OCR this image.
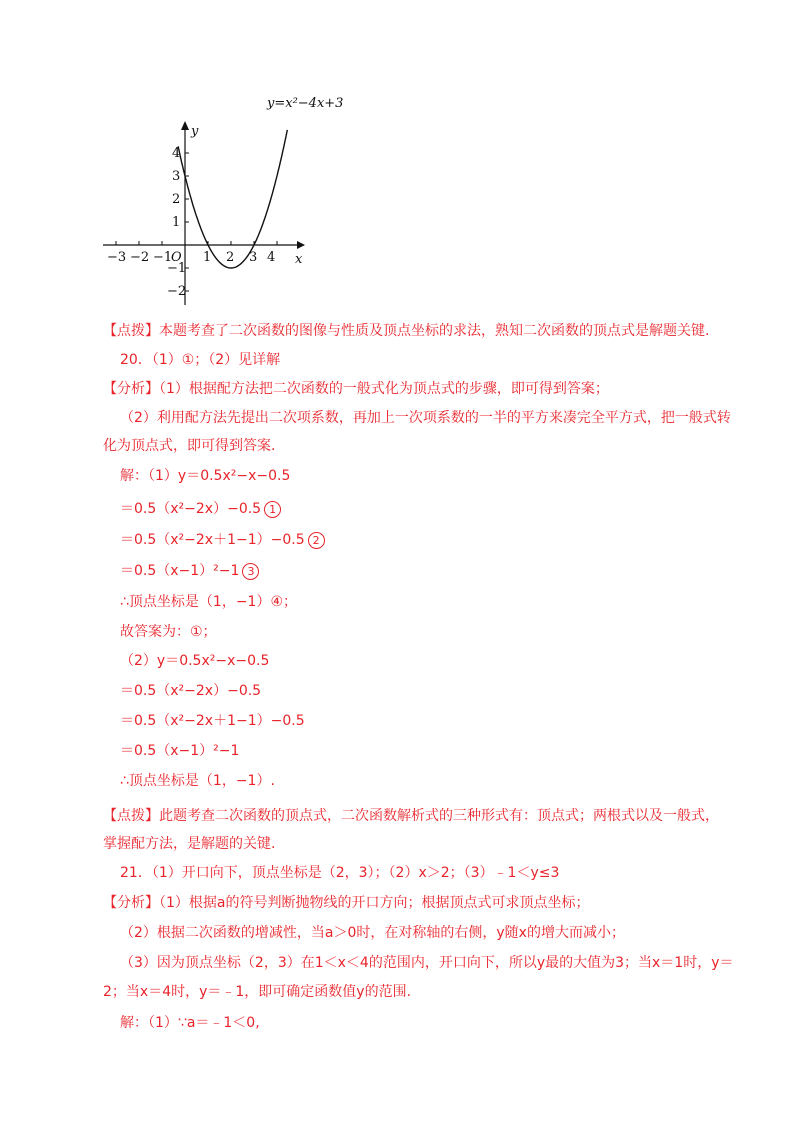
y=x²−4x+3
y
x
O
−3 −2 −1 1 2 3 4
4
3
2
1
−1
−2
【点拨】本题考查了二次函数的图像与性质及顶点坐标的求法，熟知二次函数的顶点式是解题关键.
20．（1）①；（2）见详解
【分析】（1）根据配方法把二次函数的一般式化为顶点式的步骤，即可得到答案；
（2）利用配方法先提出二次项系数，再加上一次项系数的一半的平方来凑完全平方式，把一般式转
化为顶点式，即可得到答案.
解：（1）y＝0.5x²−x−0.5
＝0.5（x²−2x）−0.5 1
＝0.5（x²−2x＋1−1）−0.5 2
＝0.5（x−1）²−1 3
∴顶点坐标是（1，−1）④；
故答案为：①；
（2）y＝0.5x²−x−0.5
＝0.5（x²−2x）−0.5
＝0.5（x²−2x＋1−1）−0.5
＝0.5（x−1）²−1
∴顶点坐标是（1，−1）.
【点拨】此题考查二次函数的顶点式，二次函数解析式的三种形式有：顶点式；两根式以及一般式，
掌握配方法，是解题的关键.
21．（1）开口向下，顶点坐标是（2，3）；（2）x＞2；（3）﹣1＜y≤3
【分析】（1）根据a的符号判断抛物线的开口方向；根据顶点式可求顶点坐标；
（2）根据二次函数的增减性，当a＞0时，在对称轴的右侧，y随x的增大而减小；
（3）因为顶点坐标（2，3）在1＜x＜4的范围内，开口向下，所以y最的大值为3；当x＝1时，y＝
2；当x＝4时，y＝﹣1，即可确定函数值y的范围.
解：（1）∵a＝﹣1＜0,
